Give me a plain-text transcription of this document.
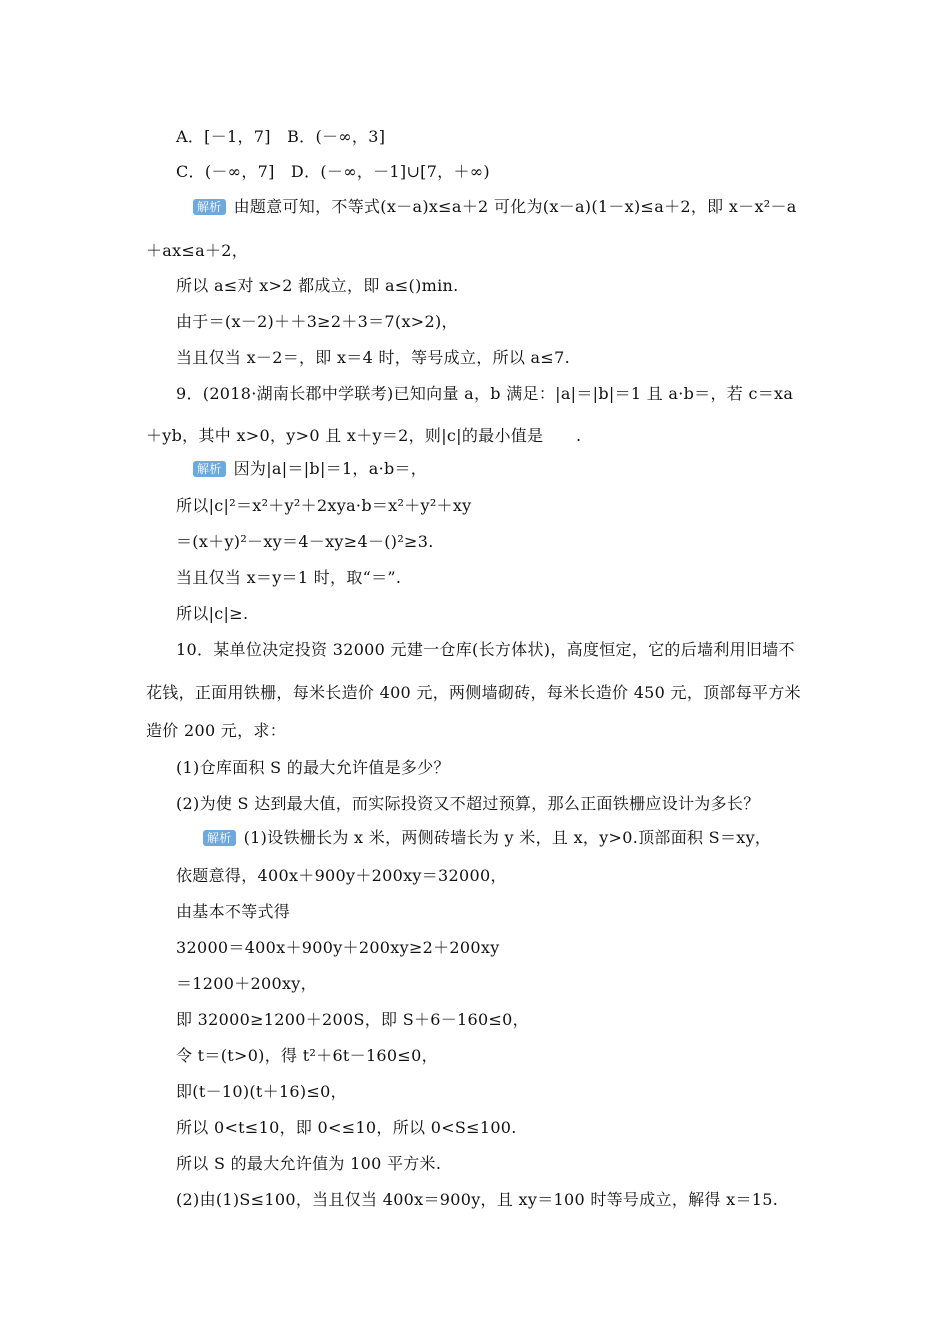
A．[－1，7]　B．(－∞，3]
C．(－∞，7]　D．(－∞，－1]∪[7，＋∞)
解析 由题意可知，不等式(x－a)x≤a＋2 可化为(x－a)(1－x)≤a＋2，即 x－x²－a
＋ax≤a＋2，
所以 a≤对 x>2 都成立，即 a≤()min.
由于＝(x－2)＋＋3≥2＋3＝7(x>2)，
当且仅当 x－2＝，即 x＝4 时，等号成立，所以 a≤7.
9．(2018·湖南长郡中学联考)已知向量 a，b 满足：|a|＝|b|＝1 且 a·b＝，若 c＝xa
＋yb，其中 x>0，y>0 且 x＋y＝2，则|c|的最小值是　　.
解析 因为|a|＝|b|＝1，a·b＝，
所以|c|²＝x²＋y²＋2xya·b＝x²＋y²＋xy
＝(x＋y)²－xy＝4－xy≥4－()²≥3.
当且仅当 x＝y＝1 时，取“＝”.
所以|c|≥.
10．某单位决定投资 32000 元建一仓库(长方体状)，高度恒定，它的后墙利用旧墙不
花钱，正面用铁栅，每米长造价 400 元，两侧墙砌砖，每米长造价 450 元，顶部每平方米
造价 200 元，求：
(1)仓库面积 S 的最大允许值是多少？
(2)为使 S 达到最大值，而实际投资又不超过预算，那么正面铁栅应设计为多长？
解析 (1)设铁栅长为 x 米，两侧砖墙长为 y 米，且 x，y>0.顶部面积 S＝xy，
依题意得，400x＋900y＋200xy＝32000，
由基本不等式得
32000＝400x＋900y＋200xy≥2＋200xy
＝1200＋200xy，
即 32000≥1200＋200S，即 S＋6－160≤0，
令 t＝(t>0)，得 t²＋6t－160≤0，
即(t－10)(t＋16)≤0，
所以 0<t≤10，即 0<≤10，所以 0<S≤100.
所以 S 的最大允许值为 100 平方米.
(2)由(1)S≤100，当且仅当 400x＝900y，且 xy＝100 时等号成立，解得 x＝15.
